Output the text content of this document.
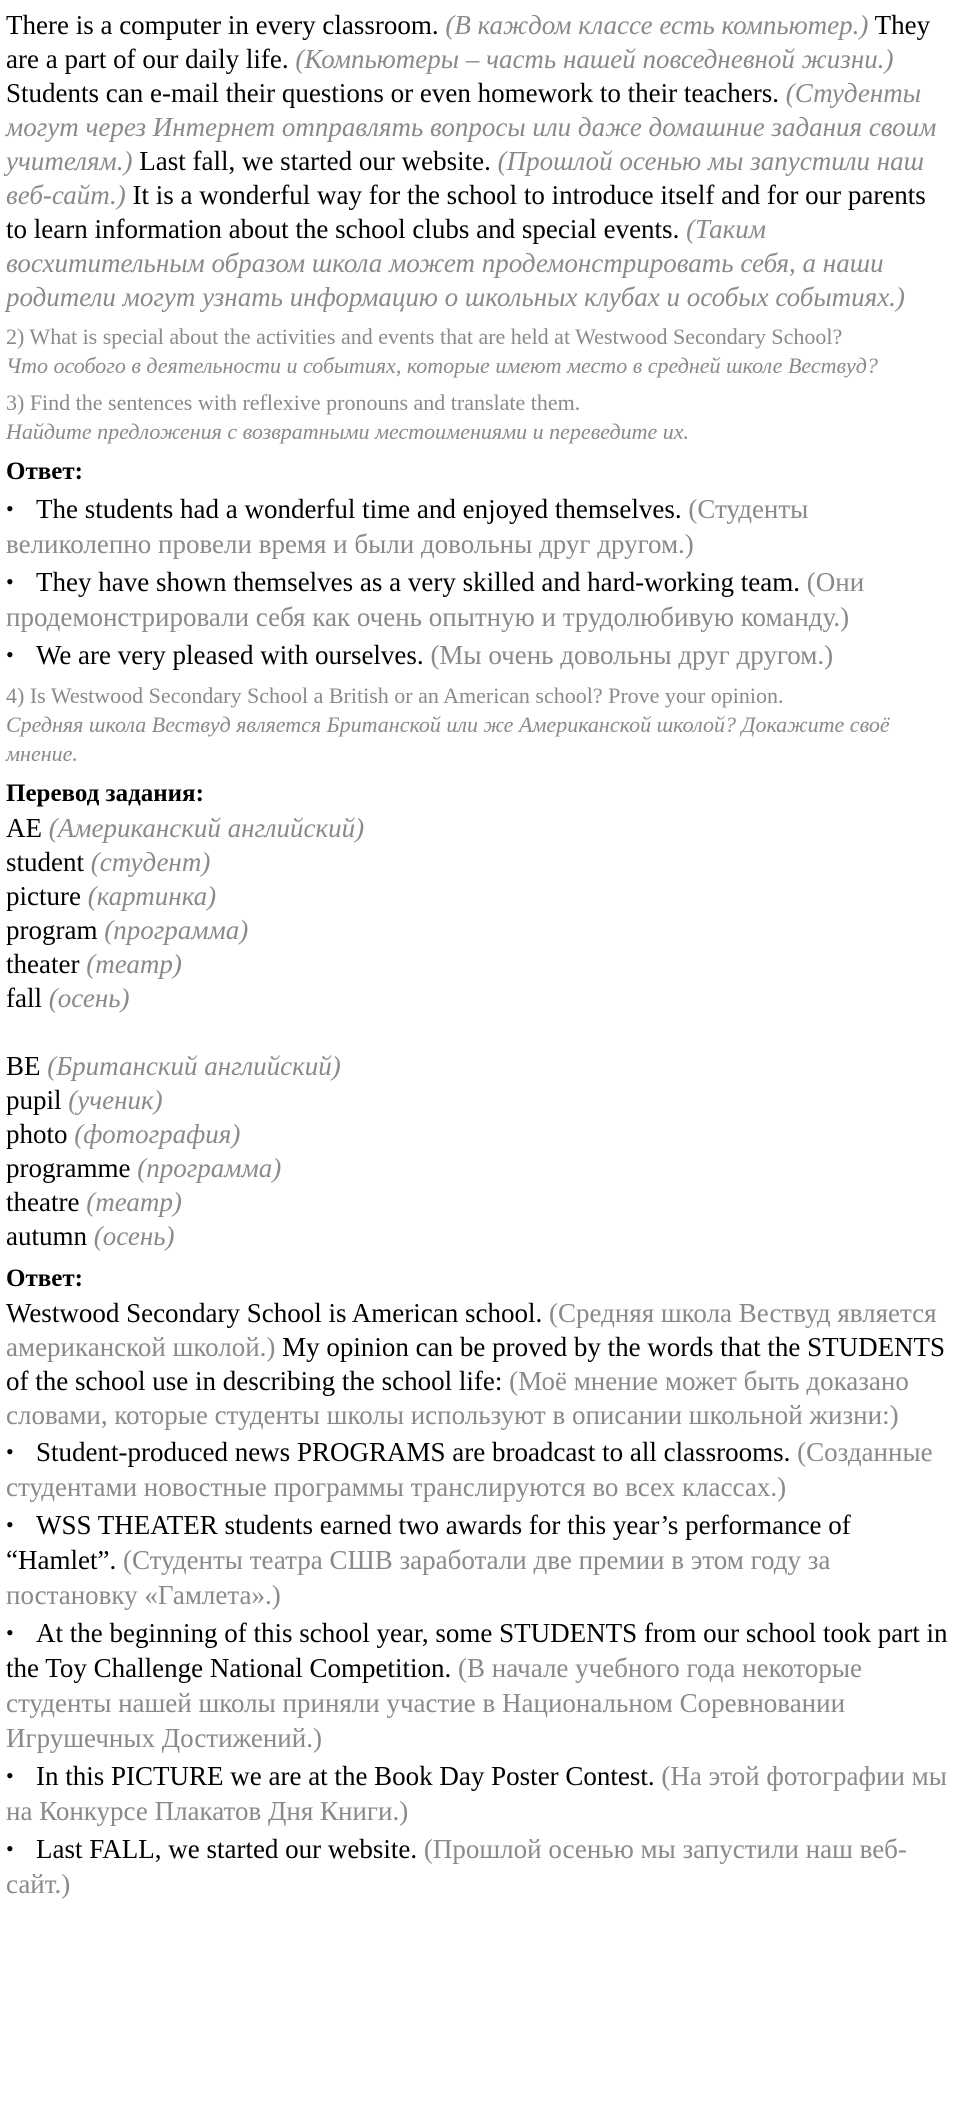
There is a computer in every classroom. (В каждом классе есть компьютер.) They are a part of our daily life. (Компьютеры – часть нашей повседневной жизни.) Students can e-mail their questions or even homework to their teachers. (Студенты могут через Интернет отправлять вопросы или даже домашние задания своим учителям.) Last fall, we started our website. (Прошлой осенью мы запустили наш веб-сайт.) It is a wonderful way for the school to introduce itself and for our parents to learn information about the school clubs and special events. (Таким восхитительным образом школа может продемонстрировать себя, а наши родители могут узнать информацию о школьных клубах и особых событиях.)

2) What is special about the activities and events that are held at Westwood Secondary School?
Что особого в деятельности и событиях, которые имеют место в средней школе Вествуд?
3) Find the sentences with reflexive pronouns and translate them.
Найдите предложения с возвратными местоимениями и переведите их.
Ответ:

• The students had a wonderful time and enjoyed themselves. (Студенты великолепно провели время и были довольны друг другом.)

• They have shown themselves as a very skilled and hard-working team. (Они продемонстрировали себя как очень опытную и трудолюбивую команду.)

• We are very pleased with ourselves. (Мы очень довольны друг другом.)

4) Is Westwood Secondary School a British or an American school? Prove your opinion.
Средняя школа Вествуд является Британской или же Американской школой? Докажите своё мнение.
Перевод задания:
AE (Американский английский)
student (студент)
picture (картинка)
program (программа)
theater (театр)
fall (осень)
BE (Британский английский)
pupil (ученик)
photo (фотография)
programme (программа)
theatre (театр)
autumn (осень)
Ответ:

Westwood Secondary School is American school. (Средняя школа Вествуд является американской школой.) My opinion can be proved by the words that the STUDENTS of the school use in describing the school life: (Моё мнение может быть доказано словами, которые студенты школы используют в описании школьной жизни:)

• Student-produced news PROGRAMS are broadcast to all classrooms. (Созданные студентами новостные программы транслируются во всех классах.)

• WSS THEATER students earned two awards for this year’s performance of “Hamlet”. (Студенты театра СШВ заработали две премии в этом году за постановку «Гамлета».)

• At the beginning of this school year, some STUDENTS from our school took part in the Toy Challenge National Competition. (В начале учебного года некоторые студенты нашей школы приняли участие в Национальном Соревновании Игрушечных Достижений.)

• In this PICTURE we are at the Book Day Poster Contest. (На этой фотографии мы на Конкурсе Плакатов Дня Книги.)

• Last FALL, we started our website. (Прошлой осенью мы запустили наш веб-сайт.)
